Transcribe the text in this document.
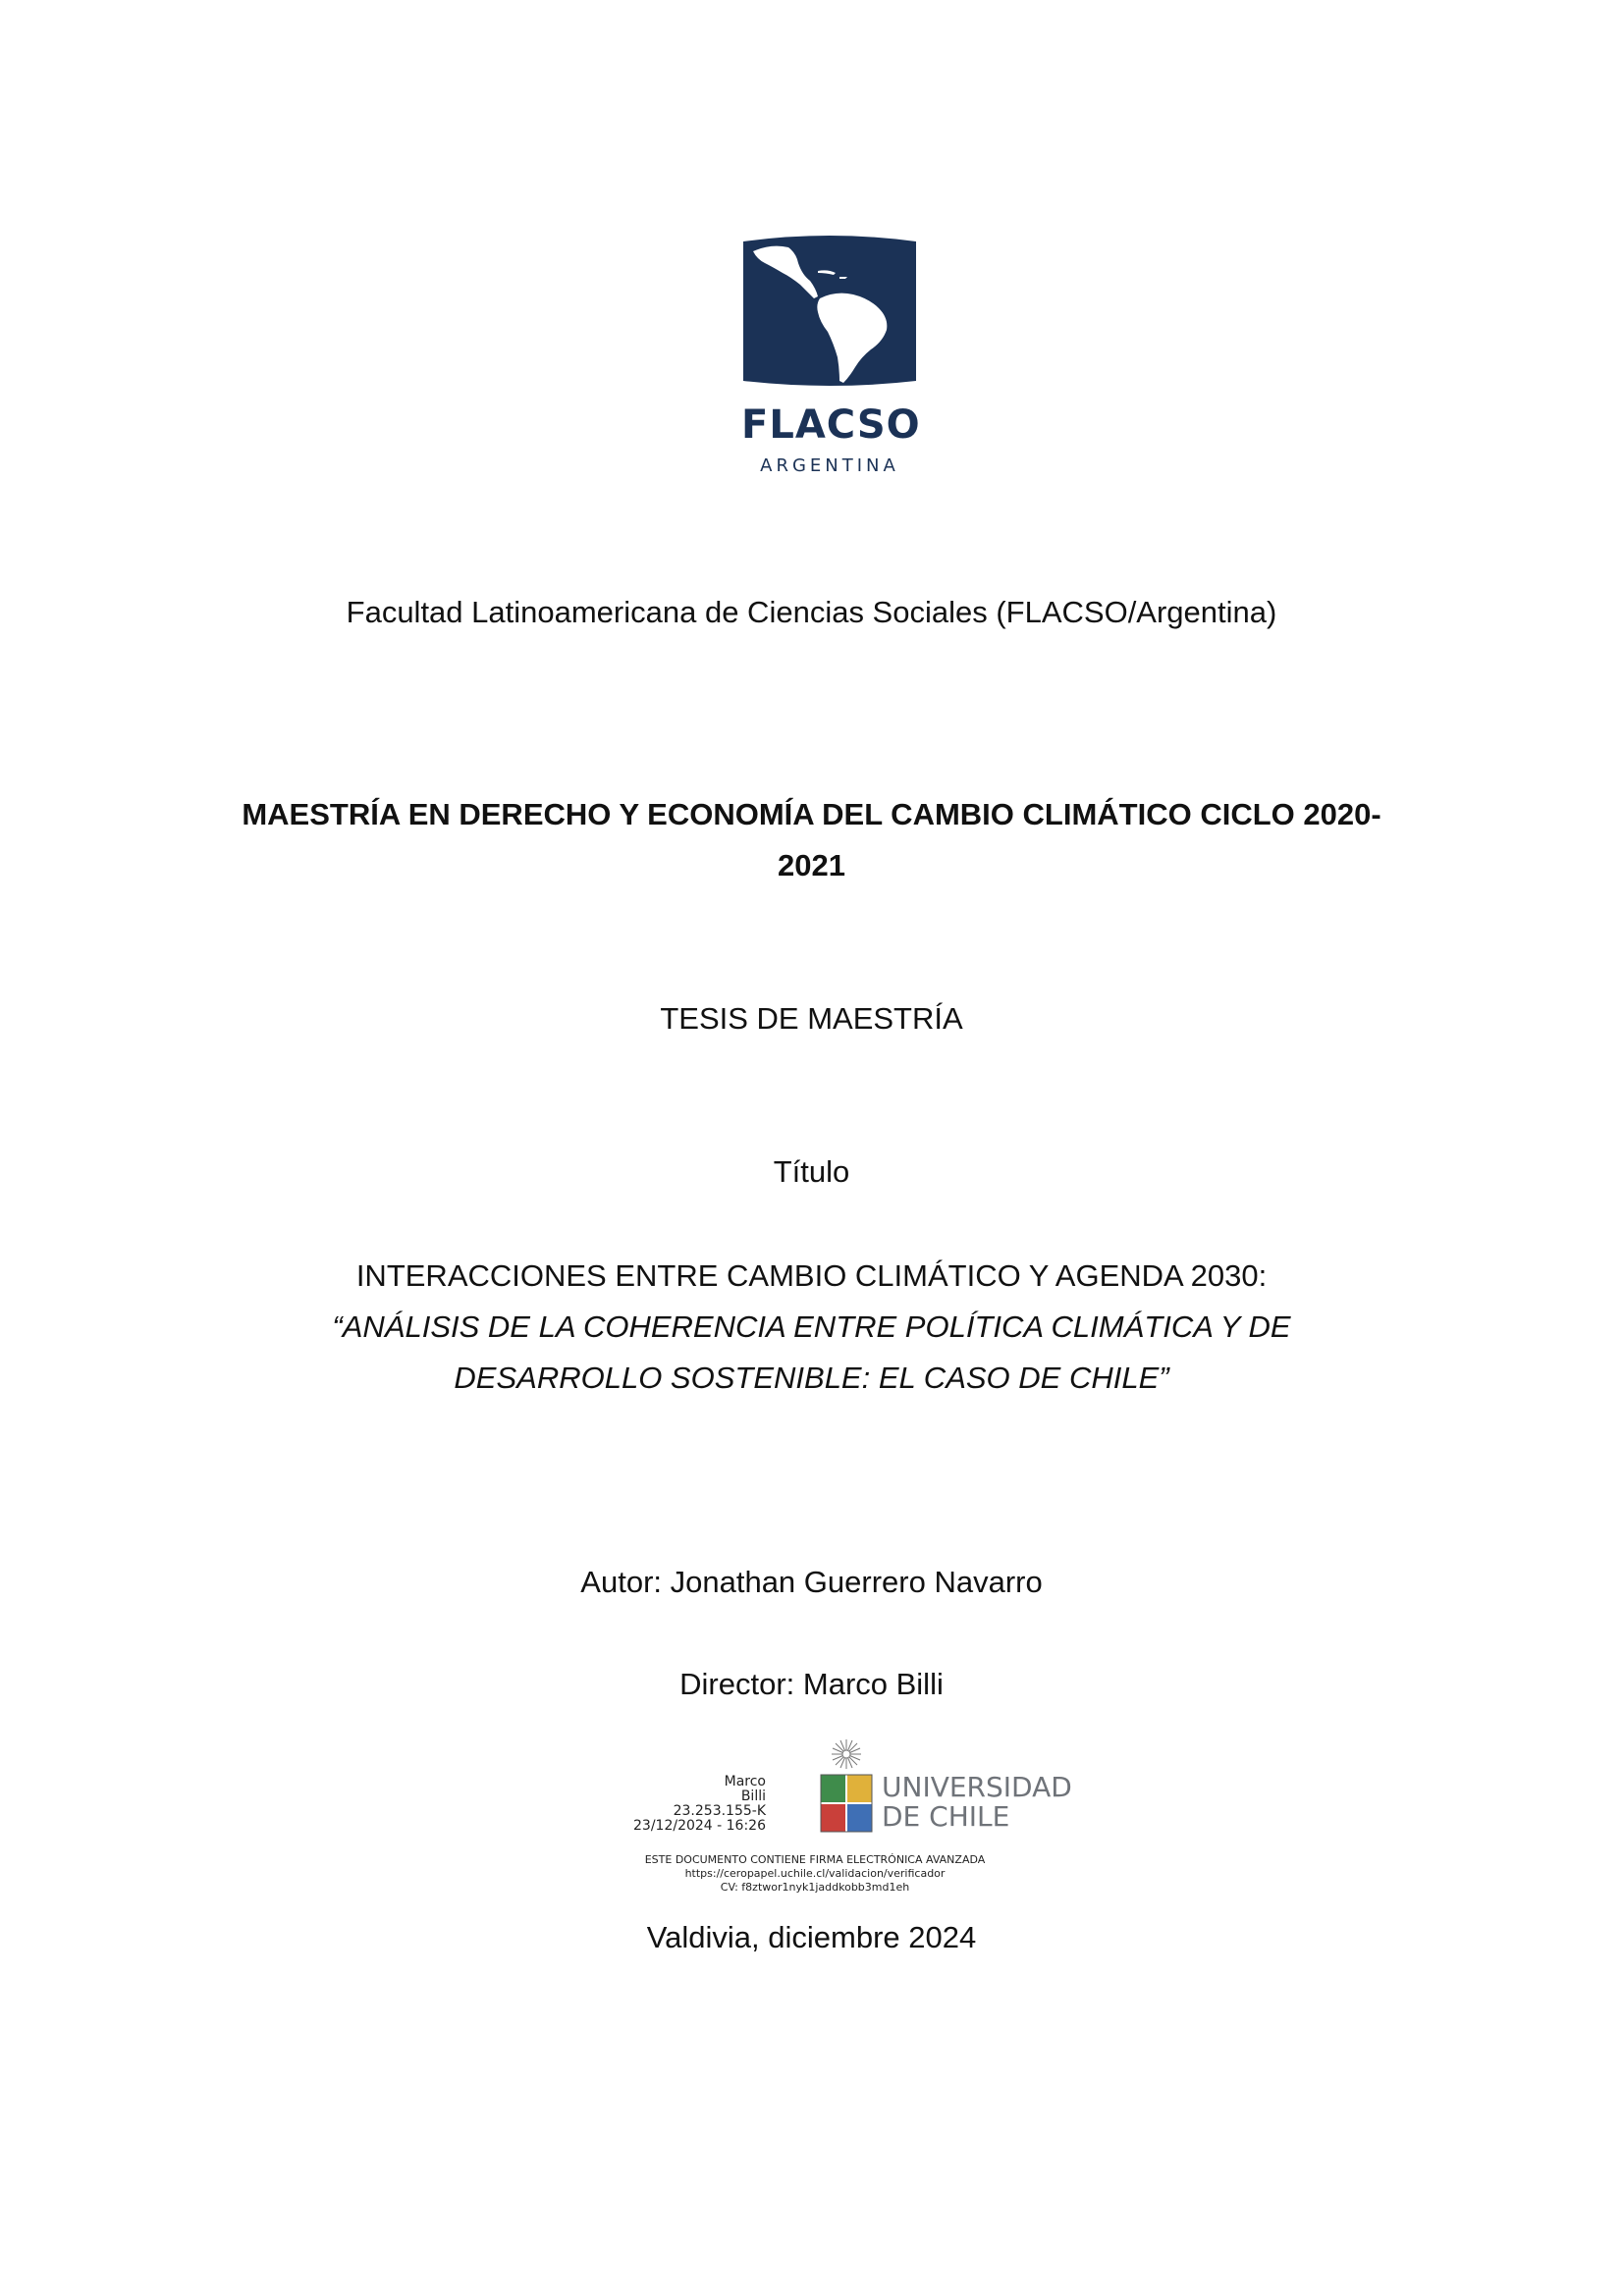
FLACSO
ARGENTINA
Facultad Latinoamericana de Ciencias Sociales (FLACSO/Argentina)
MAESTRÍA EN DERECHO Y ECONOMÍA DEL CAMBIO CLIMÁTICO CICLO 2020-
2021
TESIS DE MAESTRÍA
Título
INTERACCIONES ENTRE CAMBIO CLIMÁTICO Y AGENDA 2030:
“ANÁLISIS DE LA COHERENCIA ENTRE POLÍTICA CLIMÁTICA Y DE
DESARROLLO SOSTENIBLE: EL CASO DE CHILE”
Autor: Jonathan Guerrero Navarro
Director: Marco Billi
Marco
Billi
23.253.155-K
23/12/2024 - 16:26
UNIVERSIDAD
DE CHILE
ESTE DOCUMENTO CONTIENE FIRMA ELECTRÓNICA AVANZADA
https://ceropapel.uchile.cl/validacion/verificador
CV: f8ztwor1nyk1jaddkobb3md1eh
Valdivia, diciembre 2024
